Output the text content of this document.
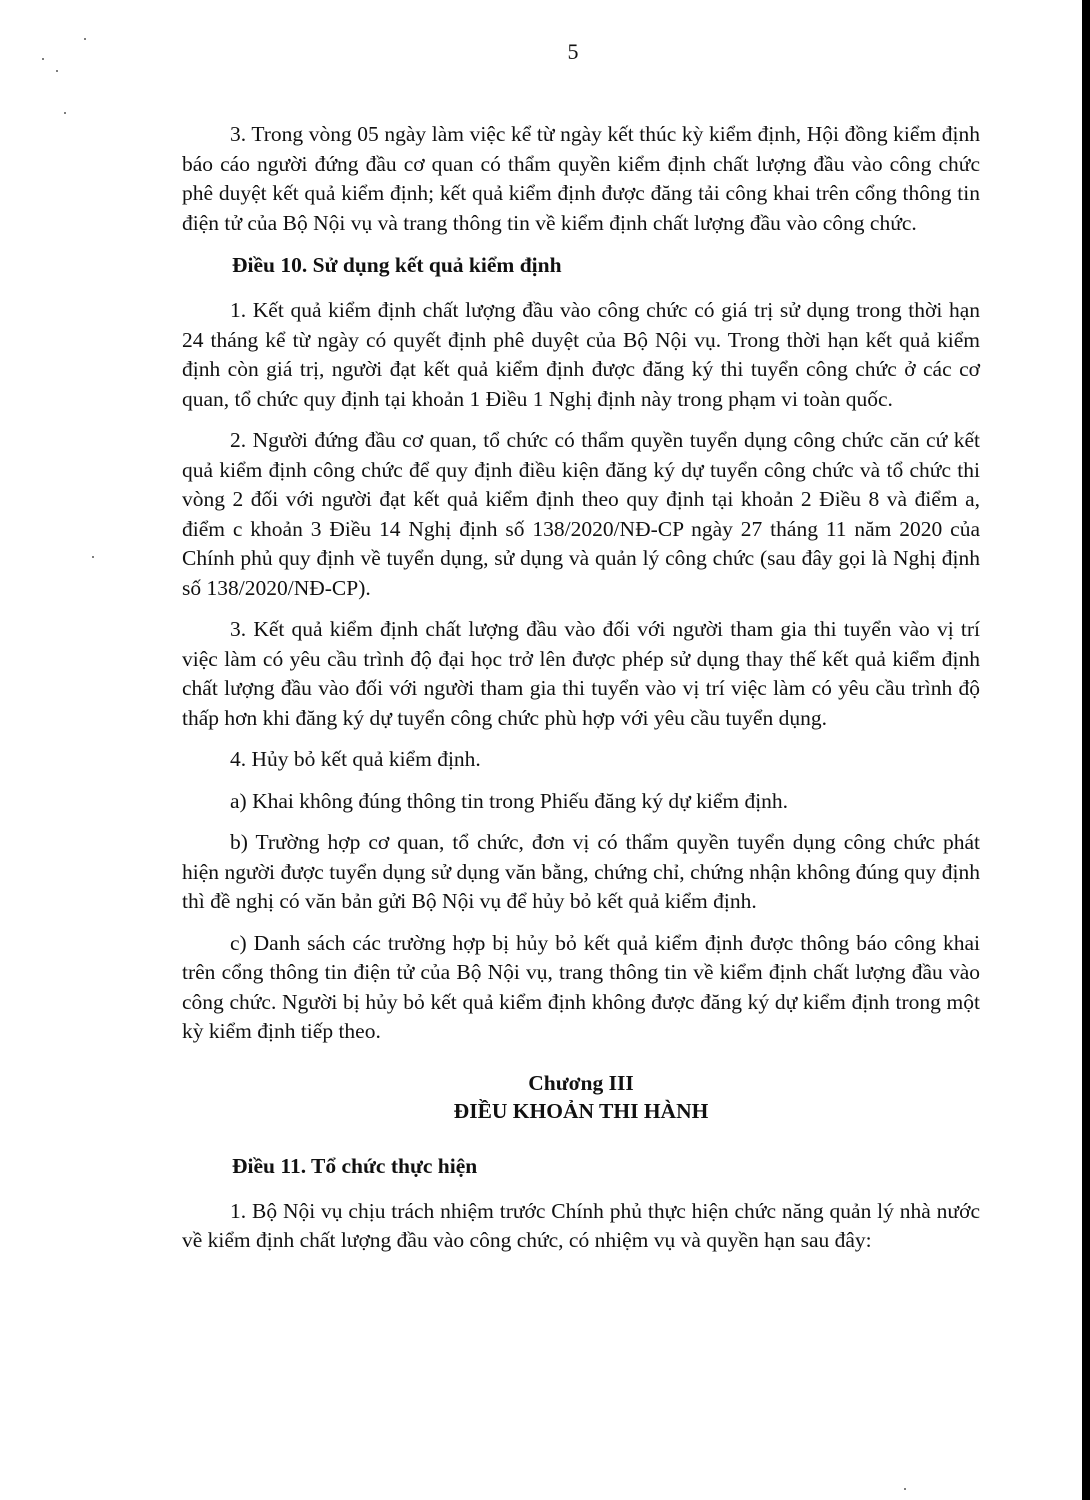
5

3. Trong vòng 05 ngày làm việc kể từ ngày kết thúc kỳ kiểm định, Hội đồng kiểm định báo cáo người đứng đầu cơ quan có thẩm quyền kiểm định chất lượng đầu vào công chức phê duyệt kết quả kiểm định; kết quả kiểm định được đăng tải công khai trên cổng thông tin điện tử của Bộ Nội vụ và trang thông tin về kiểm định chất lượng đầu vào công chức.

Điều 10. Sử dụng kết quả kiểm định

1. Kết quả kiểm định chất lượng đầu vào công chức có giá trị sử dụng trong thời hạn 24 tháng kể từ ngày có quyết định phê duyệt của Bộ Nội vụ. Trong thời hạn kết quả kiểm định còn giá trị, người đạt kết quả kiểm định được đăng ký thi tuyển công chức ở các cơ quan, tổ chức quy định tại khoản 1 Điều 1 Nghị định này trong phạm vi toàn quốc.

2. Người đứng đầu cơ quan, tổ chức có thẩm quyền tuyển dụng công chức căn cứ kết quả kiểm định công chức để quy định điều kiện đăng ký dự tuyển công chức và tổ chức thi vòng 2 đối với người đạt kết quả kiểm định theo quy định tại khoản 2 Điều 8 và điểm a, điểm c khoản 3 Điều 14 Nghị định số 138/2020/NĐ-CP ngày 27 tháng 11 năm 2020 của Chính phủ quy định về tuyển dụng, sử dụng và quản lý công chức (sau đây gọi là Nghị định số 138/2020/NĐ-CP).

3. Kết quả kiểm định chất lượng đầu vào đối với người tham gia thi tuyển vào vị trí việc làm có yêu cầu trình độ đại học trở lên được phép sử dụng thay thế kết quả kiểm định chất lượng đầu vào đối với người tham gia thi tuyển vào vị trí việc làm có yêu cầu trình độ thấp hơn khi đăng ký dự tuyển công chức phù hợp với yêu cầu tuyển dụng.

4. Hủy bỏ kết quả kiểm định.

a) Khai không đúng thông tin trong Phiếu đăng ký dự kiểm định.

b) Trường hợp cơ quan, tổ chức, đơn vị có thẩm quyền tuyển dụng công chức phát hiện người được tuyển dụng sử dụng văn bằng, chứng chỉ, chứng nhận không đúng quy định thì đề nghị có văn bản gửi Bộ Nội vụ để hủy bỏ kết quả kiểm định.

c) Danh sách các trường hợp bị hủy bỏ kết quả kiểm định được thông báo công khai trên cổng thông tin điện tử của Bộ Nội vụ, trang thông tin về kiểm định chất lượng đầu vào công chức. Người bị hủy bỏ kết quả kiểm định không được đăng ký dự kiểm định trong một kỳ kiểm định tiếp theo.

Chương III
ĐIỀU KHOẢN THI HÀNH
Điều 11. Tổ chức thực hiện

1. Bộ Nội vụ chịu trách nhiệm trước Chính phủ thực hiện chức năng quản lý nhà nước về kiểm định chất lượng đầu vào công chức, có nhiệm vụ và quyền hạn sau đây:
